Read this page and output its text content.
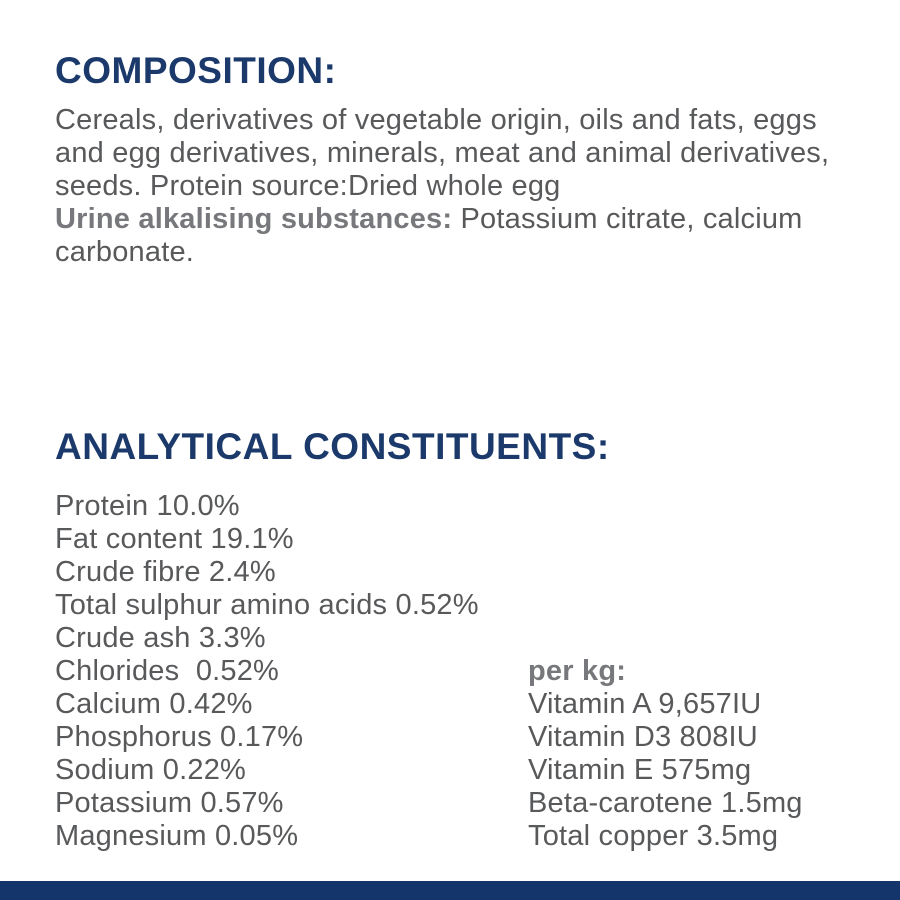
COMPOSITION:

Cereals, derivatives of vegetable origin, oils and fats, eggs and egg derivatives, minerals, meat and animal derivatives, seeds. Protein source:Dried whole egg
Urine alkalising substances: Potassium citrate, calcium carbonate.

ANALYTICAL CONSTITUENTS:
Protein 10.0%
Fat content 19.1%
Crude fibre 2.4%
Total sulphur amino acids 0.52%
Crude ash 3.3%
Chlorides  0.52%
Calcium 0.42%
Phosphorus 0.17%
Sodium 0.22%
Potassium 0.57%
Magnesium 0.05%
per kg:
Vitamin A 9,657IU
Vitamin D3 808IU
Vitamin E 575mg
Beta-carotene 1.5mg
Total copper 3.5mg
